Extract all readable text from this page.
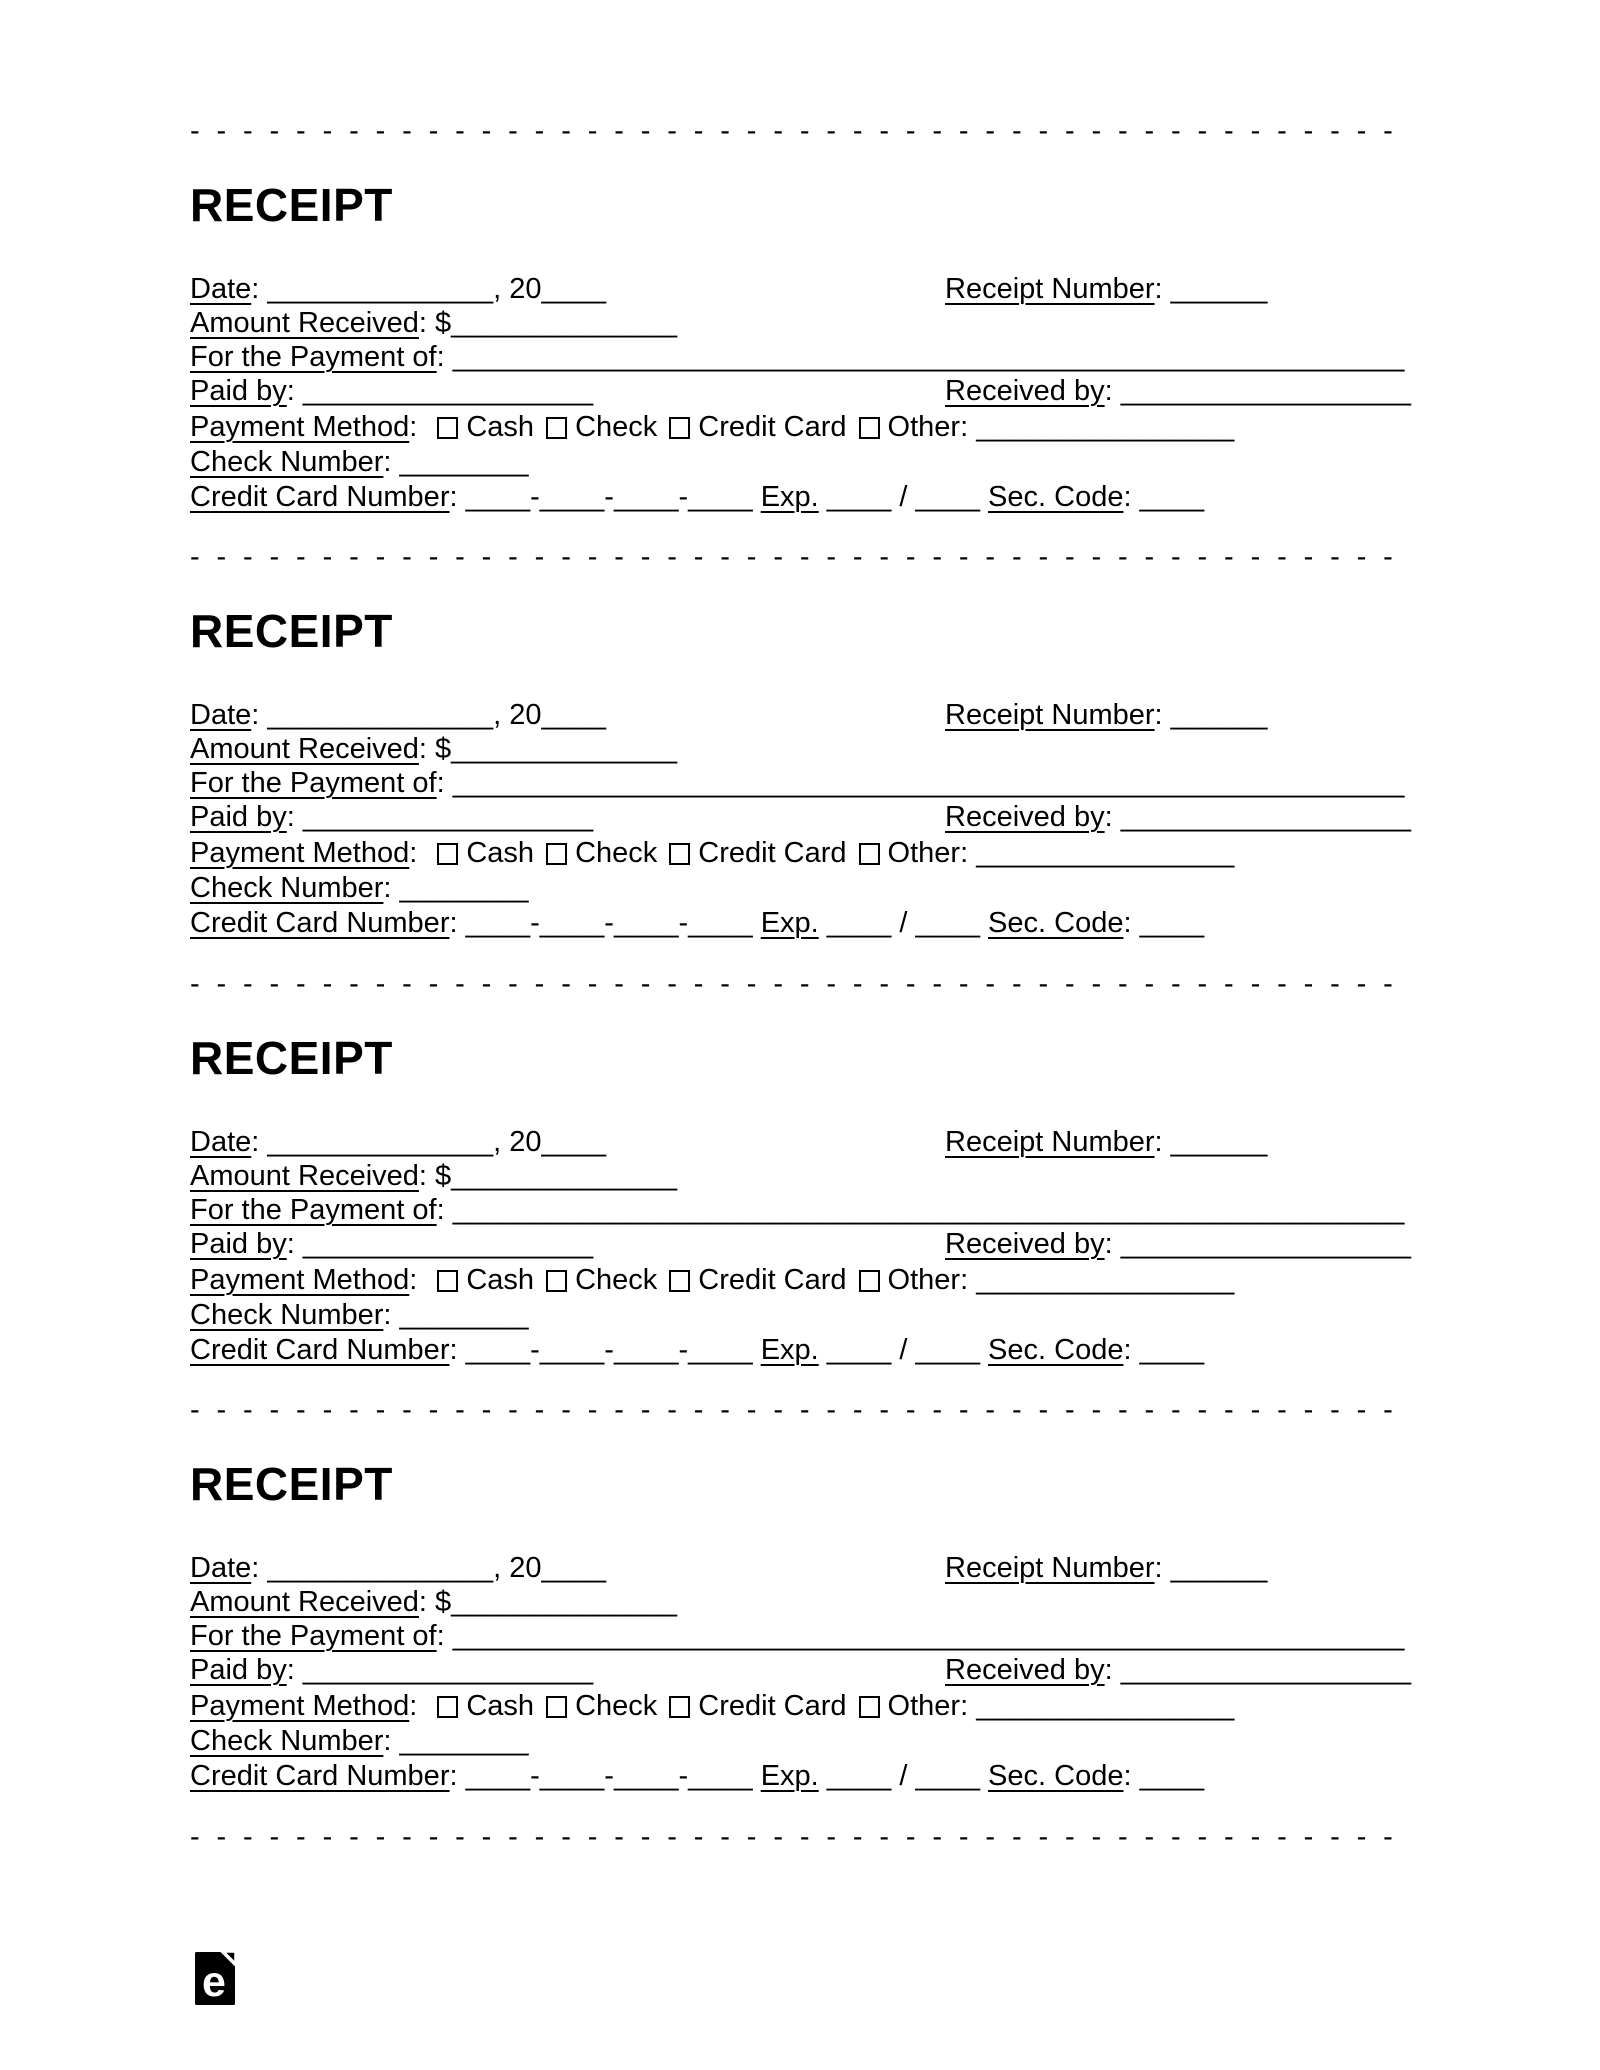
- - - - - - - - - - - - - - - - - - - - - - - - - - - - - - - - - - - - - - - - - - - - - -
RECEIPT
Date: ______________, 20____	Receipt Number: ______
Amount Received: $______________
For the Payment of: ___________________________________________________________
Paid by: __________________	Received by: __________________
Payment Method: Cash Check Credit Card Other: ________________
Check Number: ________
Credit Card Number: ____-____-____-____ Exp. ____ / ____ Sec. Code: ____
- - - - - - - - - - - - - - - - - - - - - - - - - - - - - - - - - - - - - - - - - - - - - -
RECEIPT
Date: ______________, 20____	Receipt Number: ______
Amount Received: $______________
For the Payment of: ___________________________________________________________
Paid by: __________________	Received by: __________________
Payment Method: Cash Check Credit Card Other: ________________
Check Number: ________
Credit Card Number: ____-____-____-____ Exp. ____ / ____ Sec. Code: ____
- - - - - - - - - - - - - - - - - - - - - - - - - - - - - - - - - - - - - - - - - - - - - -
RECEIPT
Date: ______________, 20____	Receipt Number: ______
Amount Received: $______________
For the Payment of: ___________________________________________________________
Paid by: __________________	Received by: __________________
Payment Method: Cash Check Credit Card Other: ________________
Check Number: ________
Credit Card Number: ____-____-____-____ Exp. ____ / ____ Sec. Code: ____
- - - - - - - - - - - - - - - - - - - - - - - - - - - - - - - - - - - - - - - - - - - - - -
RECEIPT
Date: ______________, 20____	Receipt Number: ______
Amount Received: $______________
For the Payment of: ___________________________________________________________
Paid by: __________________	Received by: __________________
Payment Method: Cash Check Credit Card Other: ________________
Check Number: ________
Credit Card Number: ____-____-____-____ Exp. ____ / ____ Sec. Code: ____
- - - - - - - - - - - - - - - - - - - - - - - - - - - - - - - - - - - - - - - - - - - - - -
e
